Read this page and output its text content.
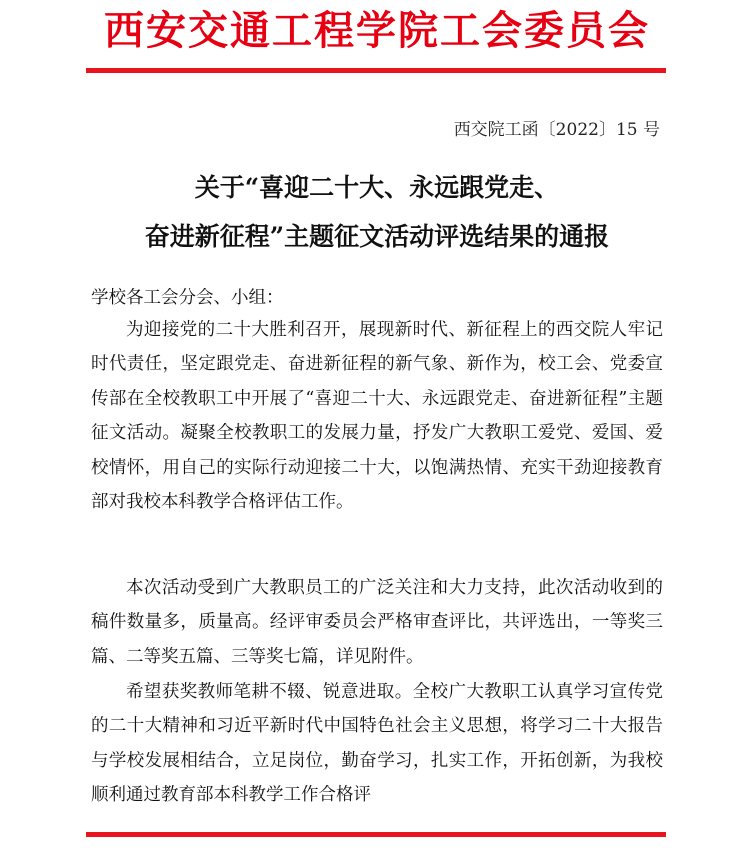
西安交通工程学院工会委员会
西交院工函〔2022〕15 号
关于“喜迎二十大、永远跟党走、
奋进新征程”主题征文活动评选结果的通报
学校各工会分会、小组：
为迎接党的二十大胜利召开，展现新时代、新征程上的西交院人牢记时代责任，坚定跟党走、奋进新征程的新气象、新作为，校工会、党委宣传部在全校教职工中开展了“喜迎二十大、永远跟党走、奋进新征程”主题征文活动。凝聚全校教职工的发展力量，抒发广大教职工爱党、爱国、爱校情怀，用自己的实际行动迎接二十大，以饱满热情、充实干劲迎接教育部对我校本科教学合格评估工作。
本次活动受到广大教职员工的广泛关注和大力支持，此次活动收到的稿件数量多，质量高。经评审委员会严格审查评比，共评选出，一等奖三篇、二等奖五篇、三等奖七篇，详见附件。
希望获奖教师笔耕不辍、锐意进取。全校广大教职工认真学习宣传党的二十大精神和习近平新时代中国特色社会主义思想，将学习二十大报告与学校发展相结合，立足岗位，勤奋学习，扎实工作，开拓创新，为我校顺利通过教育部本科教学工作合格评
